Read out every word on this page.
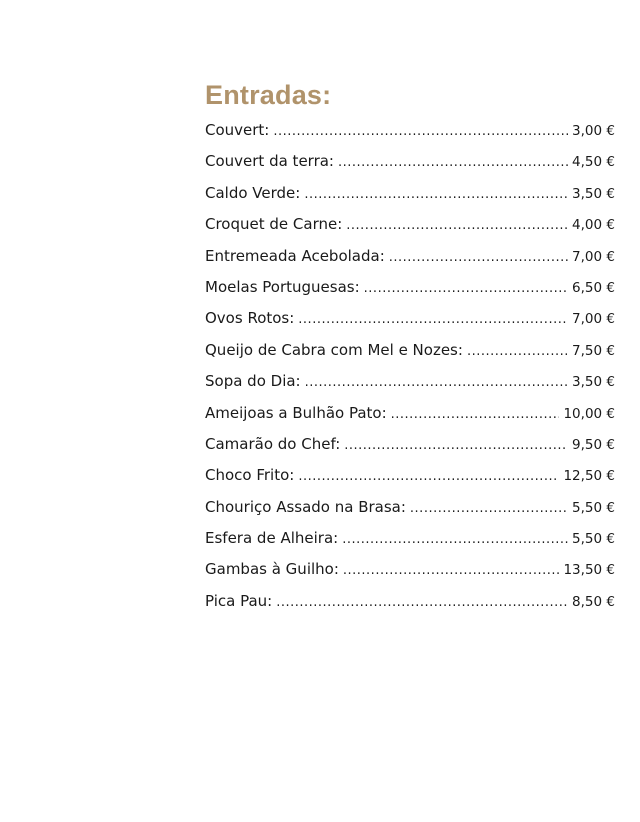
Entradas:
Couvert: .....	3,00 €
Couvert da terra: .....	4,50 €
Caldo Verde: .....	3,50 €
Croquet de Carne: .....	4,00 €
Entremeada Acebolada: .....	7,00 €
Moelas Portuguesas: .....	6,50 €
Ovos Rotos: .....	7,00 €
Queijo de Cabra com Mel e Nozes: .....	7,50 €
Sopa do Dia: .....	3,50 €
Ameijoas a Bulhão Pato: .....	10,00 €
Camarão do Chef: .....	9,50 €
Choco Frito: .....	12,50 €
Chouriço Assado na Brasa: .....	5,50 €
Esfera de Alheira: .....	5,50 €
Gambas à Guilho: .....	13,50 €
Pica Pau: .....	8,50 €
